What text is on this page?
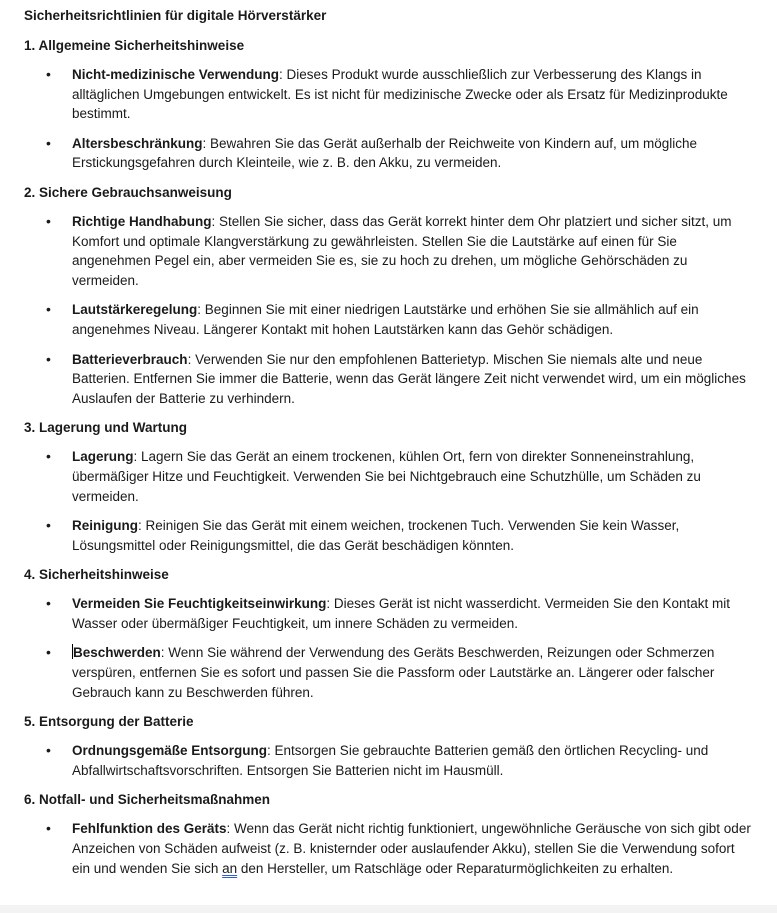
Sicherheitsrichtlinien für digitale Hörverstärker
1. Allgemeine Sicherheitshinweise
• Nicht-medizinische Verwendung: Dieses Produkt wurde ausschließlich zur Verbesserung des Klangs in alltäglichen Umgebungen entwickelt. Es ist nicht für medizinische Zwecke oder als Ersatz für Medizinprodukte bestimmt.
• Altersbeschränkung: Bewahren Sie das Gerät außerhalb der Reichweite von Kindern auf, um mögliche Erstickungsgefahren durch Kleinteile, wie z. B. den Akku, zu vermeiden.
2. Sichere Gebrauchsanweisung
• Richtige Handhabung: Stellen Sie sicher, dass das Gerät korrekt hinter dem Ohr platziert und sicher sitzt, um Komfort und optimale Klangverstärkung zu gewährleisten. Stellen Sie die Lautstärke auf einen für Sie angenehmen Pegel ein, aber vermeiden Sie es, sie zu hoch zu drehen, um mögliche Gehörschäden zu vermeiden.
• Lautstärkeregelung: Beginnen Sie mit einer niedrigen Lautstärke und erhöhen Sie sie allmählich auf ein angenehmes Niveau. Längerer Kontakt mit hohen Lautstärken kann das Gehör schädigen.
• Batterieverbrauch: Verwenden Sie nur den empfohlenen Batterietyp. Mischen Sie niemals alte und neue Batterien. Entfernen Sie immer die Batterie, wenn das Gerät längere Zeit nicht verwendet wird, um ein mögliches Auslaufen der Batterie zu verhindern.
3. Lagerung und Wartung
• Lagerung: Lagern Sie das Gerät an einem trockenen, kühlen Ort, fern von direkter Sonneneinstrahlung, übermäßiger Hitze und Feuchtigkeit. Verwenden Sie bei Nichtgebrauch eine Schutzhülle, um Schäden zu vermeiden.
• Reinigung: Reinigen Sie das Gerät mit einem weichen, trockenen Tuch. Verwenden Sie kein Wasser, Lösungsmittel oder Reinigungsmittel, die das Gerät beschädigen könnten.
4. Sicherheitshinweise
• Vermeiden Sie Feuchtigkeitseinwirkung: Dieses Gerät ist nicht wasserdicht. Vermeiden Sie den Kontakt mit Wasser oder übermäßiger Feuchtigkeit, um innere Schäden zu vermeiden.
• Beschwerden: Wenn Sie während der Verwendung des Geräts Beschwerden, Reizungen oder Schmerzen verspüren, entfernen Sie es sofort und passen Sie die Passform oder Lautstärke an. Längerer oder falscher Gebrauch kann zu Beschwerden führen.
5. Entsorgung der Batterie
• Ordnungsgemäße Entsorgung: Entsorgen Sie gebrauchte Batterien gemäß den örtlichen Recycling- und Abfallwirtschaftsvorschriften. Entsorgen Sie Batterien nicht im Hausmüll.
6. Notfall- und Sicherheitsmaßnahmen
• Fehlfunktion des Geräts: Wenn das Gerät nicht richtig funktioniert, ungewöhnliche Geräusche von sich gibt oder Anzeichen von Schäden aufweist (z. B. knisternder oder auslaufender Akku), stellen Sie die Verwendung sofort ein und wenden Sie sich an den Hersteller, um Ratschläge oder Reparaturmöglichkeiten zu erhalten.
